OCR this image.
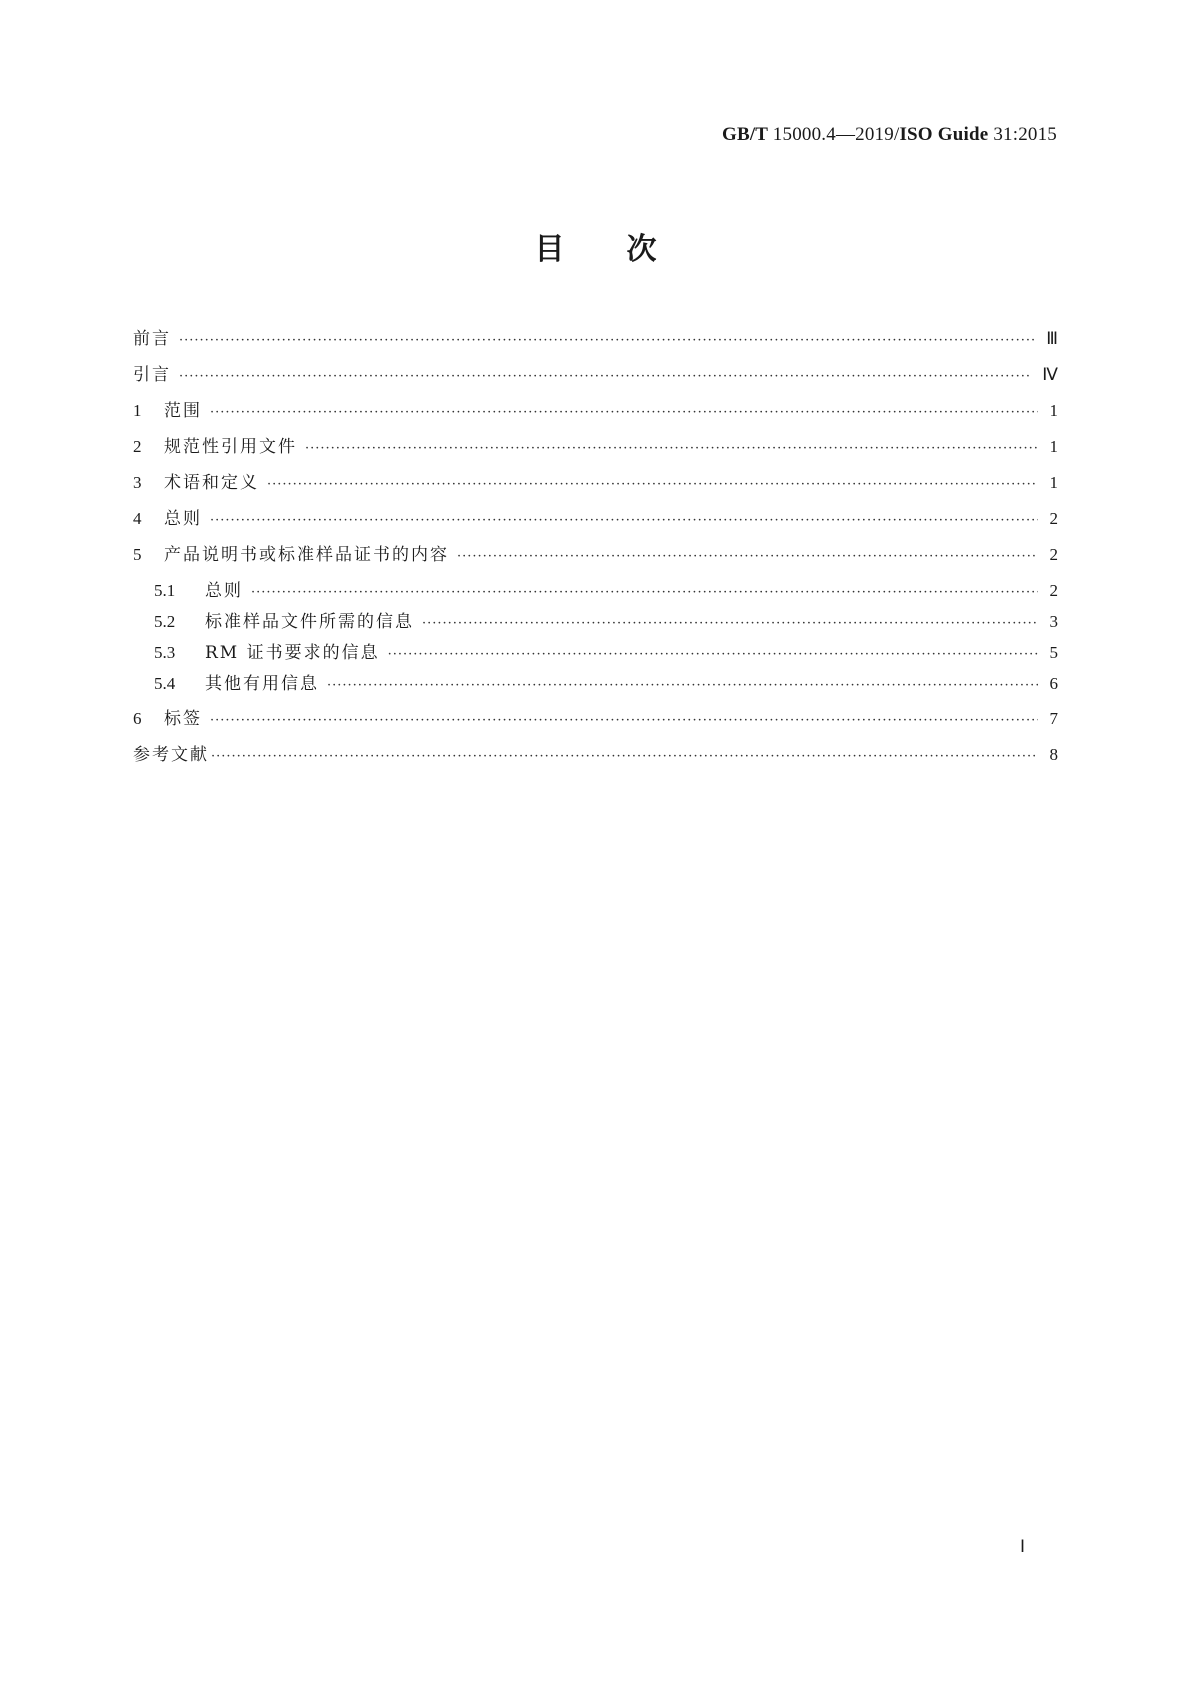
GB/T 15000.4—2019/ISO Guide 31:2015
目次
前言 ·····	Ⅲ
引言 ·····	Ⅳ
1	范围 ·····	1
2	规范性引用文件 ·····	1
3	术语和定义 ·····	1
4	总则 ·····	2
5	产品说明书或标准样品证书的内容 ·····	2
5.1	总则 ·····	2
5.2	标准样品文件所需的信息 ·····	3
5.3	RM 证书要求的信息 ·····	5
5.4	其他有用信息 ·····	6
6	标签 ·····	7
参考文献 ·····	8
Ⅰ
